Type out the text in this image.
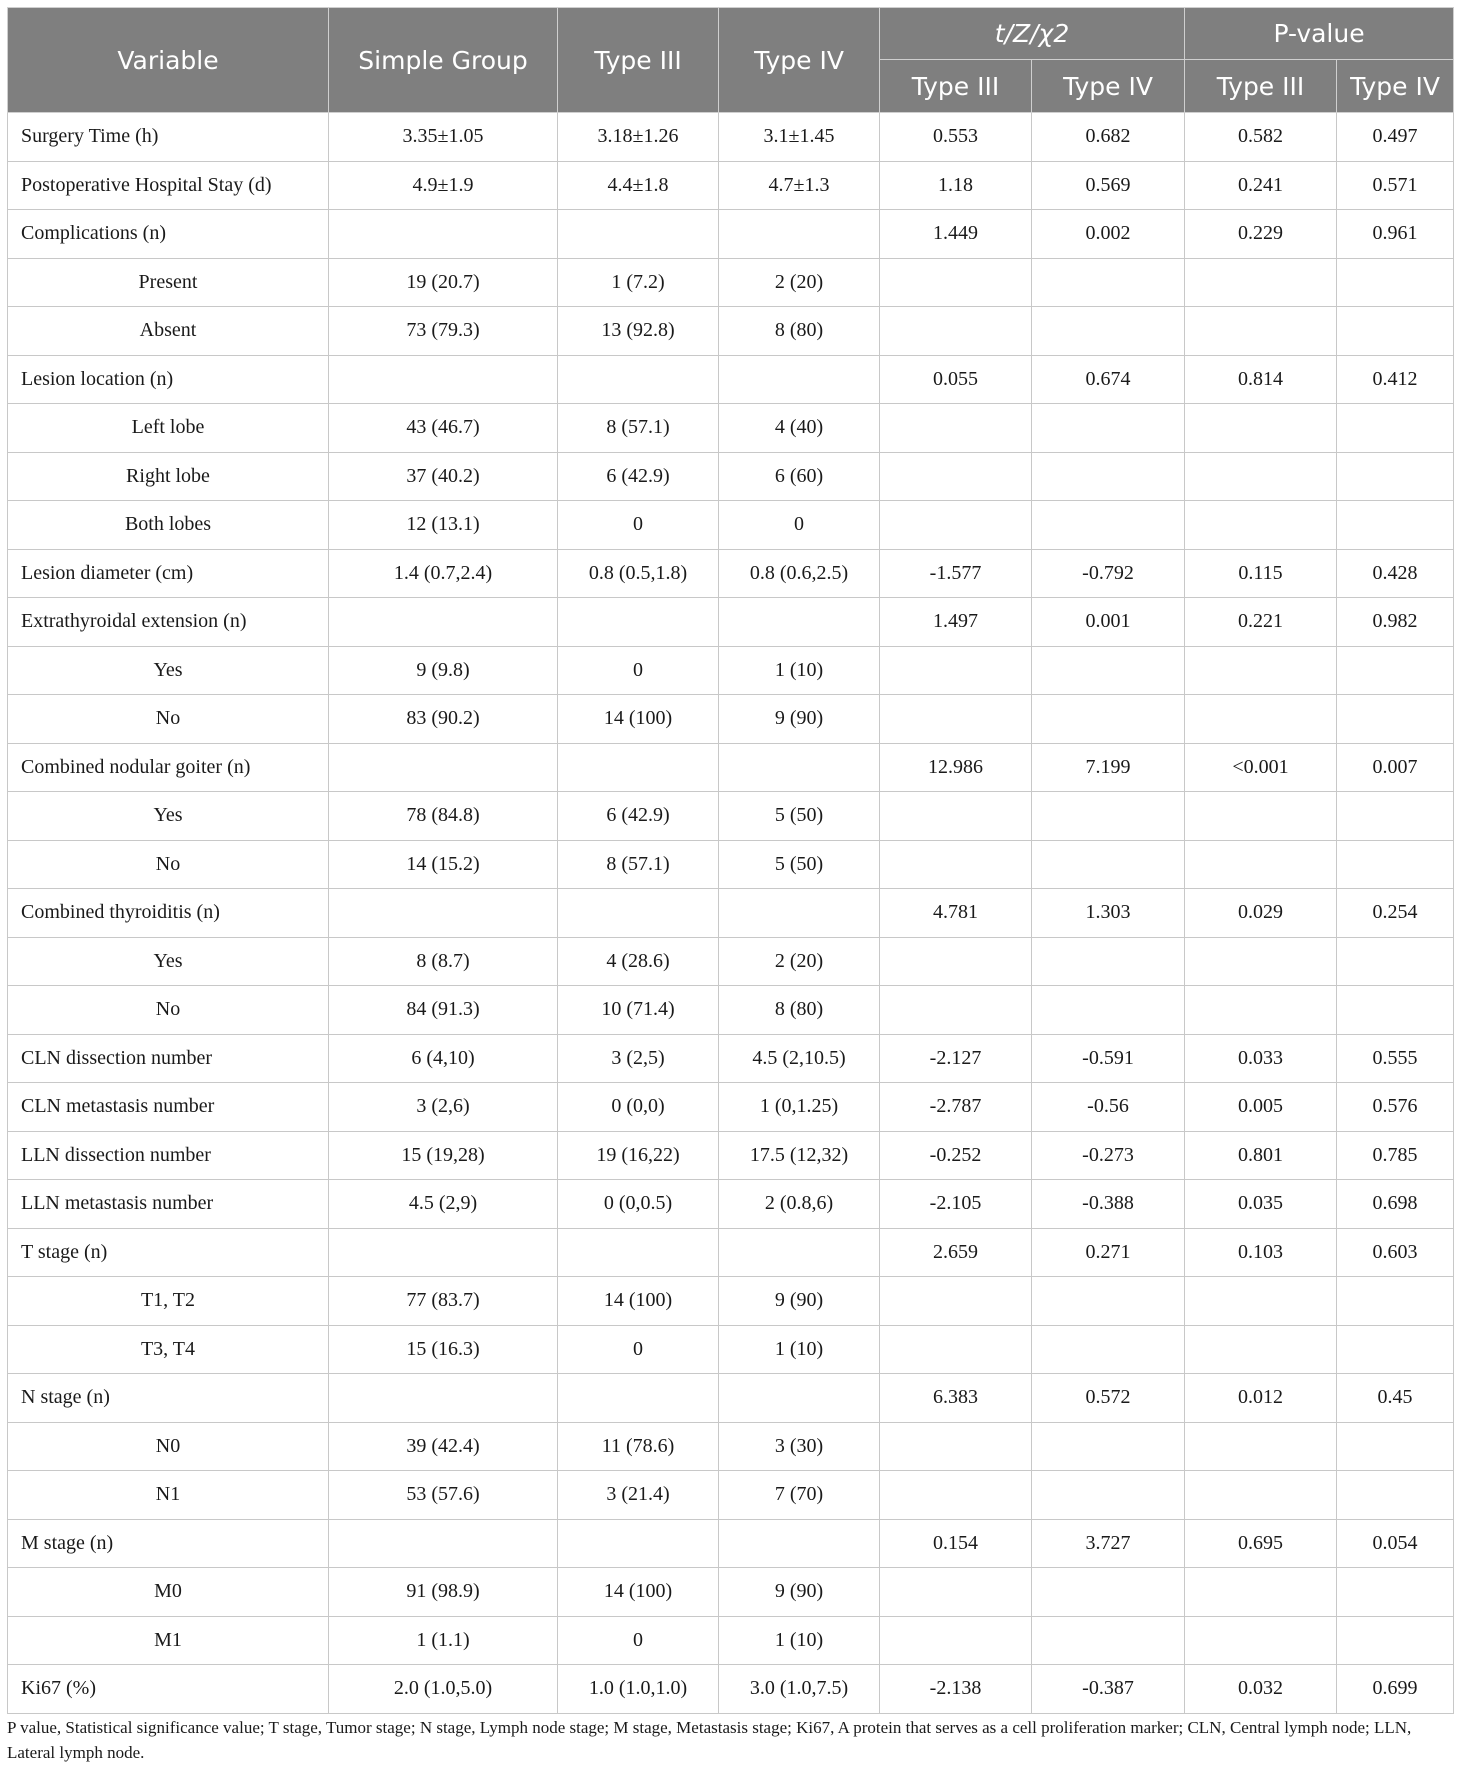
Variable	Simple Group	Type III	Type IV	t/Z/χ2		P-value	
				Type III	Type IV	Type III	Type IV
Surgery Time (h)	3.35±1.05	3.18±1.26	3.1±1.45	0.553	0.682	0.582	0.497
Postoperative Hospital Stay (d)	4.9±1.9	4.4±1.8	4.7±1.3	1.18	0.569	0.241	0.571
Complications (n)				1.449	0.002	0.229	0.961
Present	19 (20.7)	1 (7.2)	2 (20)				
Absent	73 (79.3)	13 (92.8)	8 (80)				
Lesion location (n)				0.055	0.674	0.814	0.412
Left lobe	43 (46.7)	8 (57.1)	4 (40)				
Right lobe	37 (40.2)	6 (42.9)	6 (60)				
Both lobes	12 (13.1)	0	0				
Lesion diameter (cm)	1.4 (0.7,2.4)	0.8 (0.5,1.8)	0.8 (0.6,2.5)	-1.577	-0.792	0.115	0.428
Extrathyroidal extension (n)				1.497	0.001	0.221	0.982
Yes	9 (9.8)	0	1 (10)				
No	83 (90.2)	14 (100)	9 (90)				
Combined nodular goiter (n)				12.986	7.199	<0.001	0.007
Yes	78 (84.8)	6 (42.9)	5 (50)				
No	14 (15.2)	8 (57.1)	5 (50)				
Combined thyroiditis (n)				4.781	1.303	0.029	0.254
Yes	8 (8.7)	4 (28.6)	2 (20)				
No	84 (91.3)	10 (71.4)	8 (80)				
CLN dissection number	6 (4,10)	3 (2,5)	4.5 (2,10.5)	-2.127	-0.591	0.033	0.555
CLN metastasis number	3 (2,6)	0 (0,0)	1 (0,1.25)	-2.787	-0.56	0.005	0.576
LLN dissection number	15 (19,28)	19 (16,22)	17.5 (12,32)	-0.252	-0.273	0.801	0.785
LLN metastasis number	4.5 (2,9)	0 (0,0.5)	2 (0.8,6)	-2.105	-0.388	0.035	0.698
T stage (n)				2.659	0.271	0.103	0.603
T1, T2	77 (83.7)	14 (100)	9 (90)				
T3, T4	15 (16.3)	0	1 (10)				
N stage (n)				6.383	0.572	0.012	0.45
N0	39 (42.4)	11 (78.6)	3 (30)				
N1	53 (57.6)	3 (21.4)	7 (70)				
M stage (n)				0.154	3.727	0.695	0.054
M0	91 (98.9)	14 (100)	9 (90)				
M1	1 (1.1)	0	1 (10)				
Ki67 (%)	2.0 (1.0,5.0)	1.0 (1.0,1.0)	3.0 (1.0,7.5)	-2.138	-0.387	0.032	0.699
P value, Statistical significance value; T stage, Tumor stage; N stage, Lymph node stage; M stage, Metastasis stage; Ki67, A protein that serves as a cell proliferation marker; CLN, Central lymph node; LLN, Lateral lymph node.
